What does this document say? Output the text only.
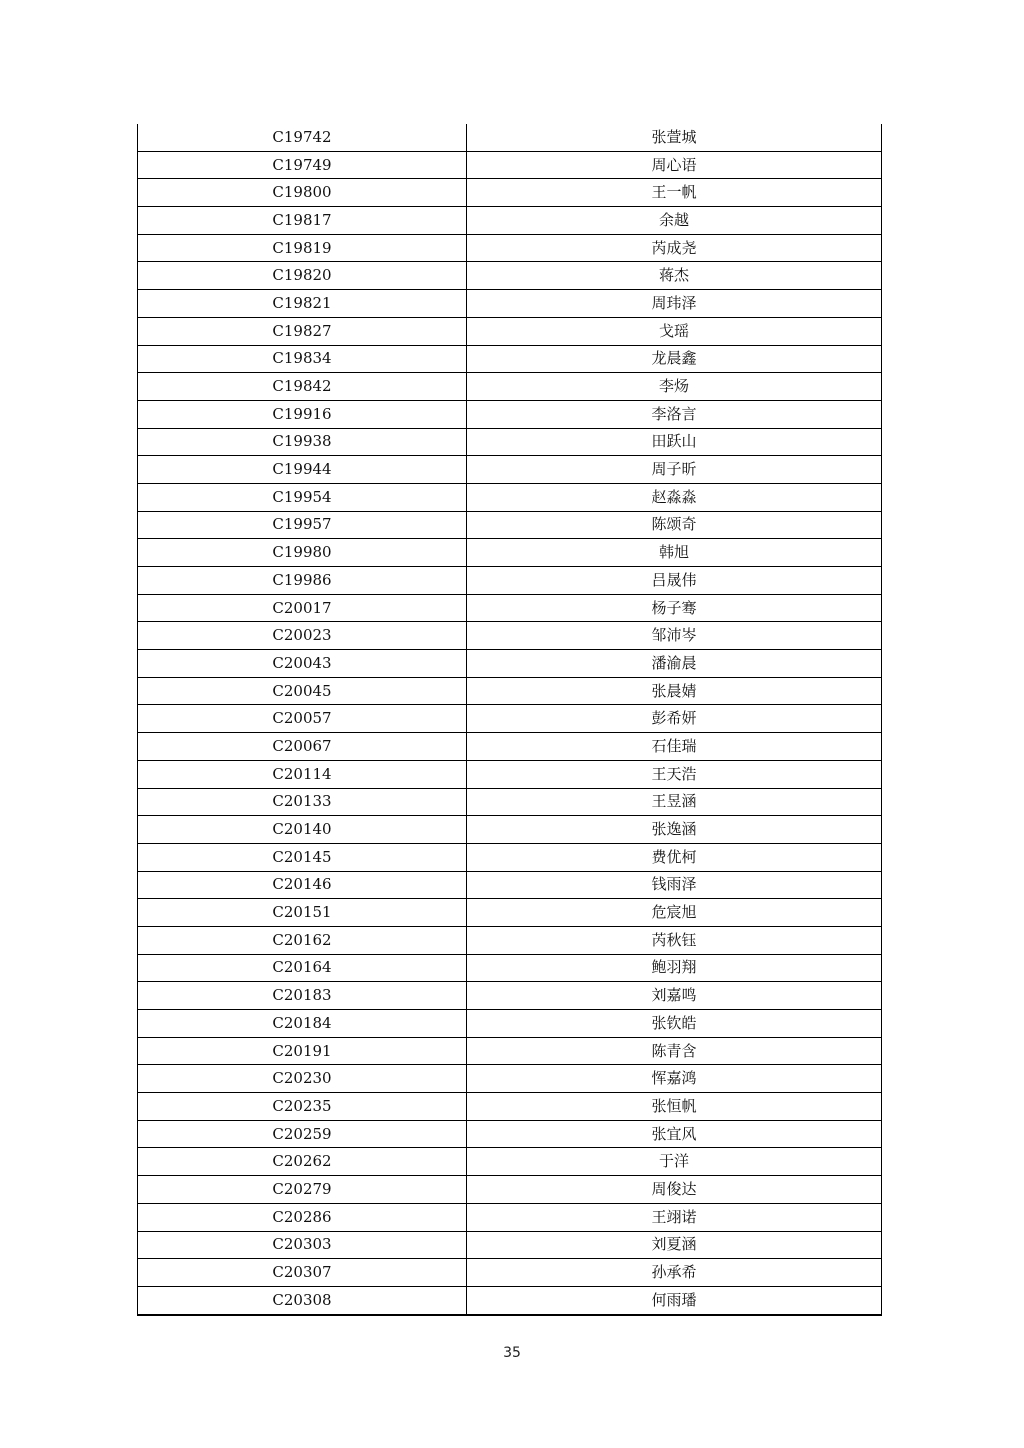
C19742	张萱城
C19749	周心语
C19800	王一帆
C19817	余越
C19819	芮成尧
C19820	蒋杰
C19821	周玮泽
C19827	戈瑶
C19834	龙晨鑫
C19842	李炀
C19916	李洛言
C19938	田跃山
C19944	周子昕
C19954	赵淼淼
C19957	陈颂奇
C19980	韩旭
C19986	吕晟伟
C20017	杨子骞
C20023	邹沛岑
C20043	潘渝晨
C20045	张晨婧
C20057	彭希妍
C20067	石佳瑞
C20114	王天浩
C20133	王昱涵
C20140	张逸涵
C20145	费优柯
C20146	钱雨泽
C20151	危宸旭
C20162	芮秋钰
C20164	鲍羽翔
C20183	刘嘉鸣
C20184	张钦皓
C20191	陈青含
C20230	恽嘉鸿
C20235	张恒帆
C20259	张宜风
C20262	于洋
C20279	周俊达
C20286	王翊诺
C20303	刘夏涵
C20307	孙承希
C20308	何雨璠
35
